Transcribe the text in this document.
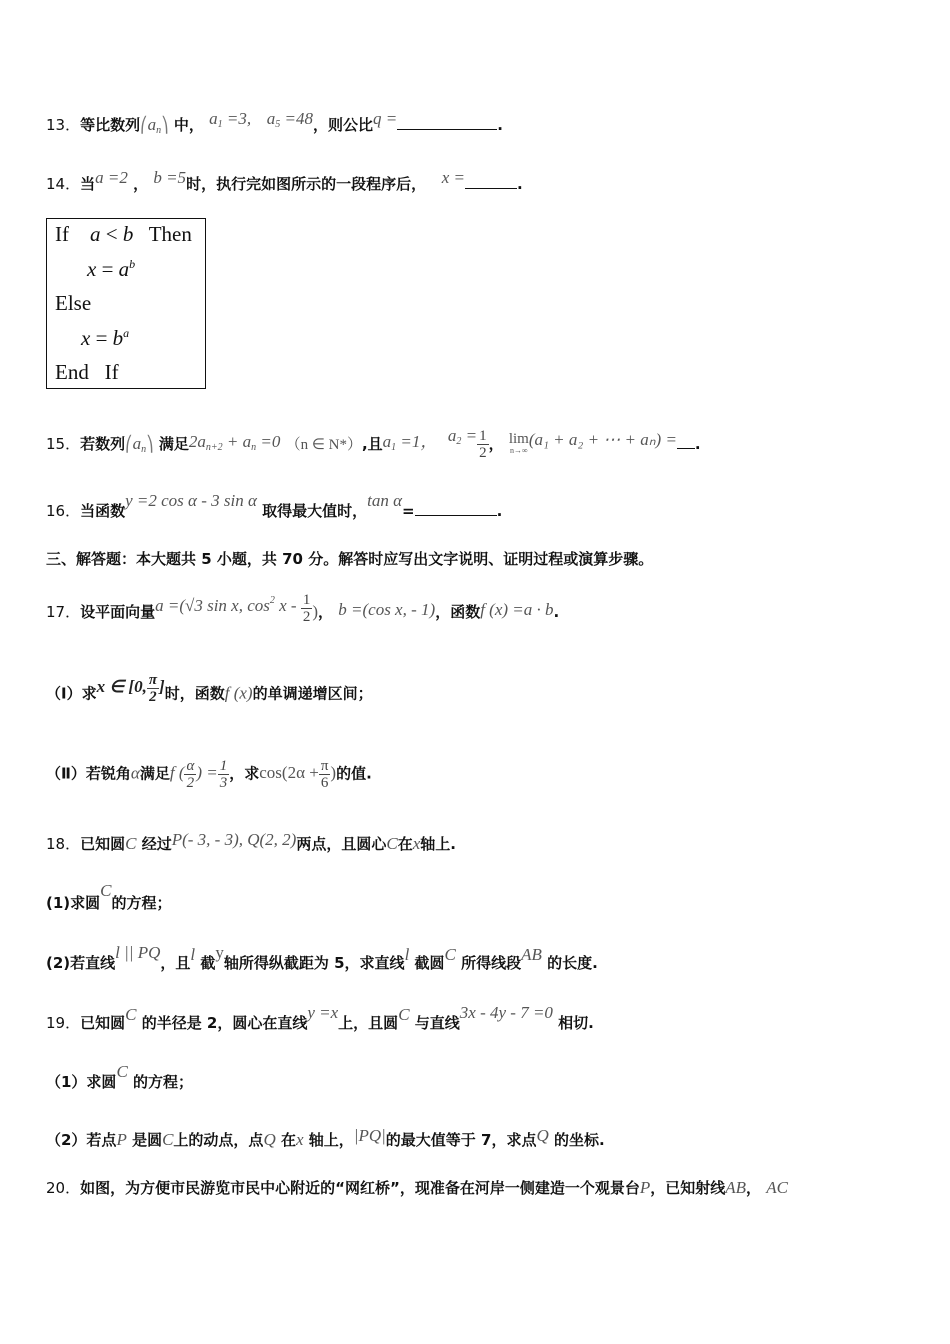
13．等比数列$⎛a_n⎞$ 中， $a_1 =3$, $a_5 =48$，则公比q =	.
14．当a =2 ， b =5时，执行完如图所示的一段程序后， x =	.
If    a < b   Then
$x = a^b$
Else
$x = b^a$
End   If
15．若数列$⎛a_n⎞$ 满足$2a_{n+2} + a_n =0$ （n ∈ N*）,且$a_1 =1$， $a_2 = \frac{1}{2}$ ， lim
n→∞
(a₁ + a₂ + ⋯ + aₙ) = .
16．当函数y =2 cos α - 3 sin α 取得最大值时，tan α=	.
三、解答题：本大题共 5 小题，共 70 分。解答时应写出文字说明、证明过程或演算步骤。
17．设平面向量a =(√3 sin x, $\cos^2 x - \frac{1}{2}$ )， b =(cos x, - 1)，函数f (x) =a · b.
（Ⅰ）求x ∈ [0, $\frac{\pi}{2}$ ]时，函数f (x)的单调递增区间；
（Ⅱ）若锐角α满足f ( $\frac{\alpha}{2}$ ) = $\frac{1}{3}$ ，求$\cos(2\alpha + \frac{\pi}{6}$ )的值.
18．已知圆C 经过P(- 3, - 3), Q(2, 2)两点，且圆心C在x轴上.
(1)求圆C的方程；
(2)若直线l || PQ，且l 截y轴所得纵截距为 5，求直线l 截圆C 所得线段AB 的长度.
19．已知圆C 的半径是 2，圆心在直线y =x上，且圆C 与直线3x - 4y - 7 =0 相切.
（1）求圆C 的方程；
（2）若点P 是圆C上的动点，点Q 在x 轴上，|PQ|的最大值等于 7，求点Q 的坐标.
20．如图，为方便市民游览市民中心附近的“网红桥”，现准备在河岸一侧建造一个观景台P，已知射线AB， AC
